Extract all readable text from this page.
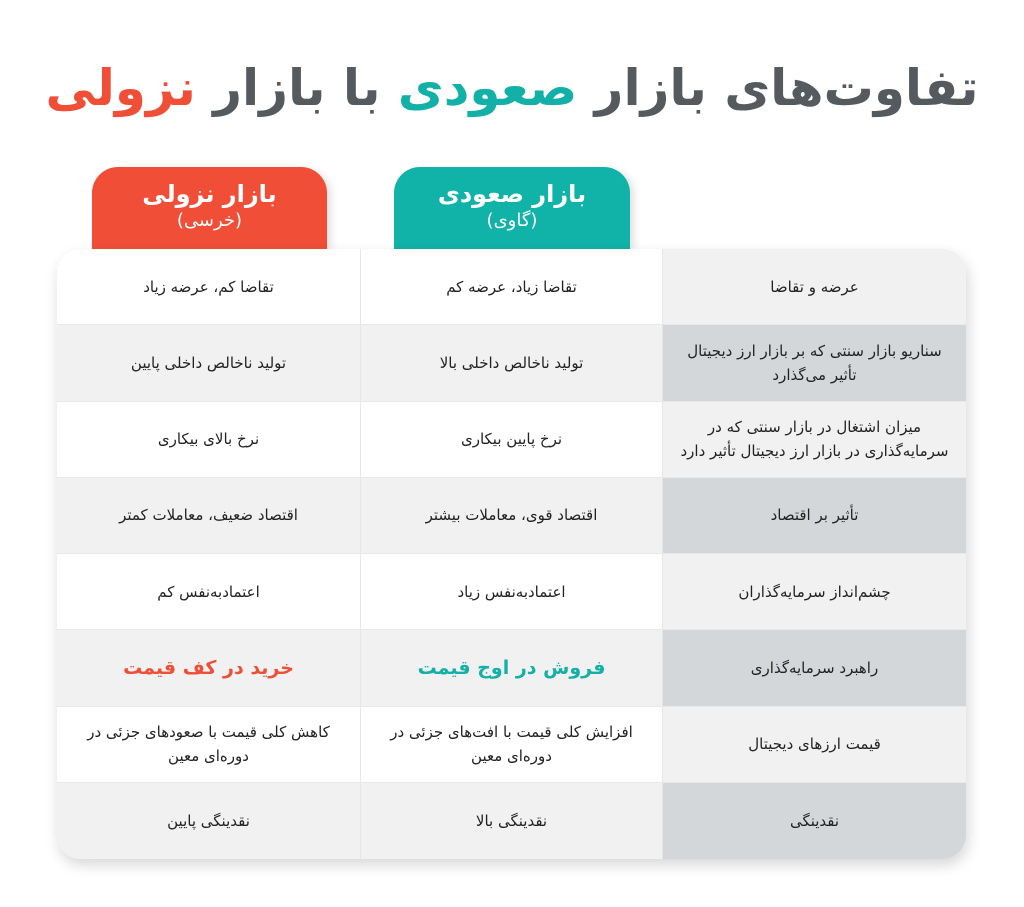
تفاوت‌های بازار صعودی با بازار نزولی
بازار صعودی
(گاوی)
بازار نزولی
(خرسی)
عرضه و تقاضا
تقاضا زیاد، عرضه کم
تقاضا کم، عرضه زیاد
سناریو بازار سنتی که بر بازار ارز دیجیتال تأثیر می‌گذارد
تولید ناخالص داخلی بالا
تولید ناخالص داخلی پایین
میزان اشتغال در بازار سنتی که در سرمایه‌گذاری در بازار ارز دیجیتال تأثیر دارد
نرخ پایین بیکاری
نرخ بالای بیکاری
تأثیر بر اقتصاد
اقتصاد قوی، معاملات بیشتر
اقتصاد ضعیف، معاملات کمتر
چشم‌انداز سرمایه‌گذاران
اعتمادبه‌نفس زیاد
اعتمادبه‌نفس کم
راهبرد سرمایه‌گذاری
فروش در اوج قیمت
خرید در کف قیمت
قیمت ارزهای دیجیتال
افزایش کلی قیمت با افت‌های جزئی در دوره‌ای معین
کاهش کلی قیمت با صعودهای جزئی در دوره‌ای معین
نقدینگی
نقدینگی بالا
نقدینگی پایین
